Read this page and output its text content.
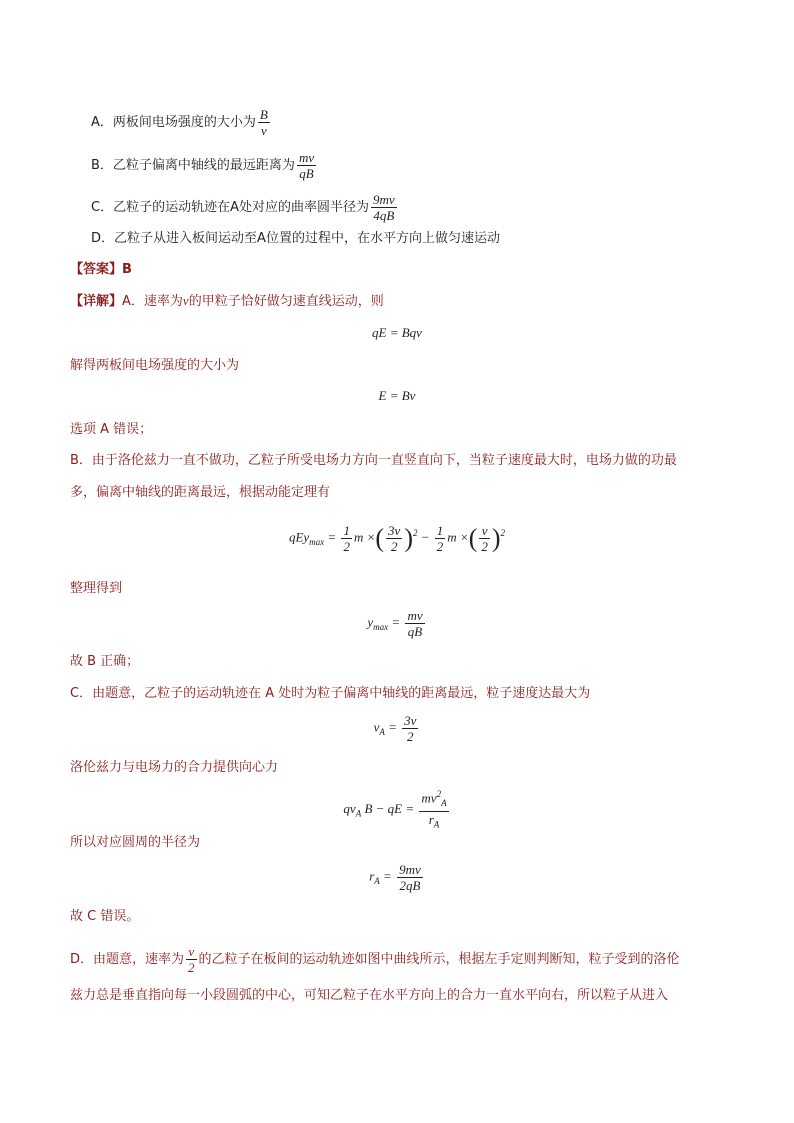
A．两板间电场强度的大小为 $\frac{B}{v}$
B．乙粒子偏离中轴线的最远距离为 $\frac{mv}{qB}$
C．乙粒子的运动轨迹在A处对应的曲率圆半径为 $\frac{9mv}{4qB}$
D．乙粒子从进入板间运动至A位置的过程中，在水平方向上做匀速运动
【答案】B
【详解】A．速率为v的甲粒子恰好做匀速直线运动，则
qE = Bqv
解得两板间电场强度的大小为
E = Bv
选项 A 错误；
B．由于洛伦兹力一直不做功，乙粒子所受电场力方向一直竖直向下，当粒子速度最大时，电场力做的功最
多，偏离中轴线的距离最远，根据动能定理有
$qEy_{max} = \frac{1}{2}$ m ×( $\frac{3v}{2} )^2 - \frac{1}{2}$ m ×( $\frac{v}{2} )^2$
整理得到
$y_{max} = \frac{mv}{qB}$
故 B 正确；
C．由题意，乙粒子的运动轨迹在 A 处时为粒子偏离中轴线的距离最远，粒子速度达最大为
$v_A = \frac{3v}{2}$
洛伦兹力与电场力的合力提供向心力
$qv_A$ B − qE = $\frac{mv^2_A}{r_A}$
所以对应圆周的半径为
$r_A = \frac{9mv}{2qB}$
故 C 错误。
D．由题意，速率为 $\frac{v}{2}$ 的乙粒子在板间的运动轨迹如图中曲线所示，根据左手定则判断知，粒子受到的洛伦
兹力总是垂直指向每一小段圆弧的中心，可知乙粒子在水平方向上的合力一直水平向右，所以粒子从进入
